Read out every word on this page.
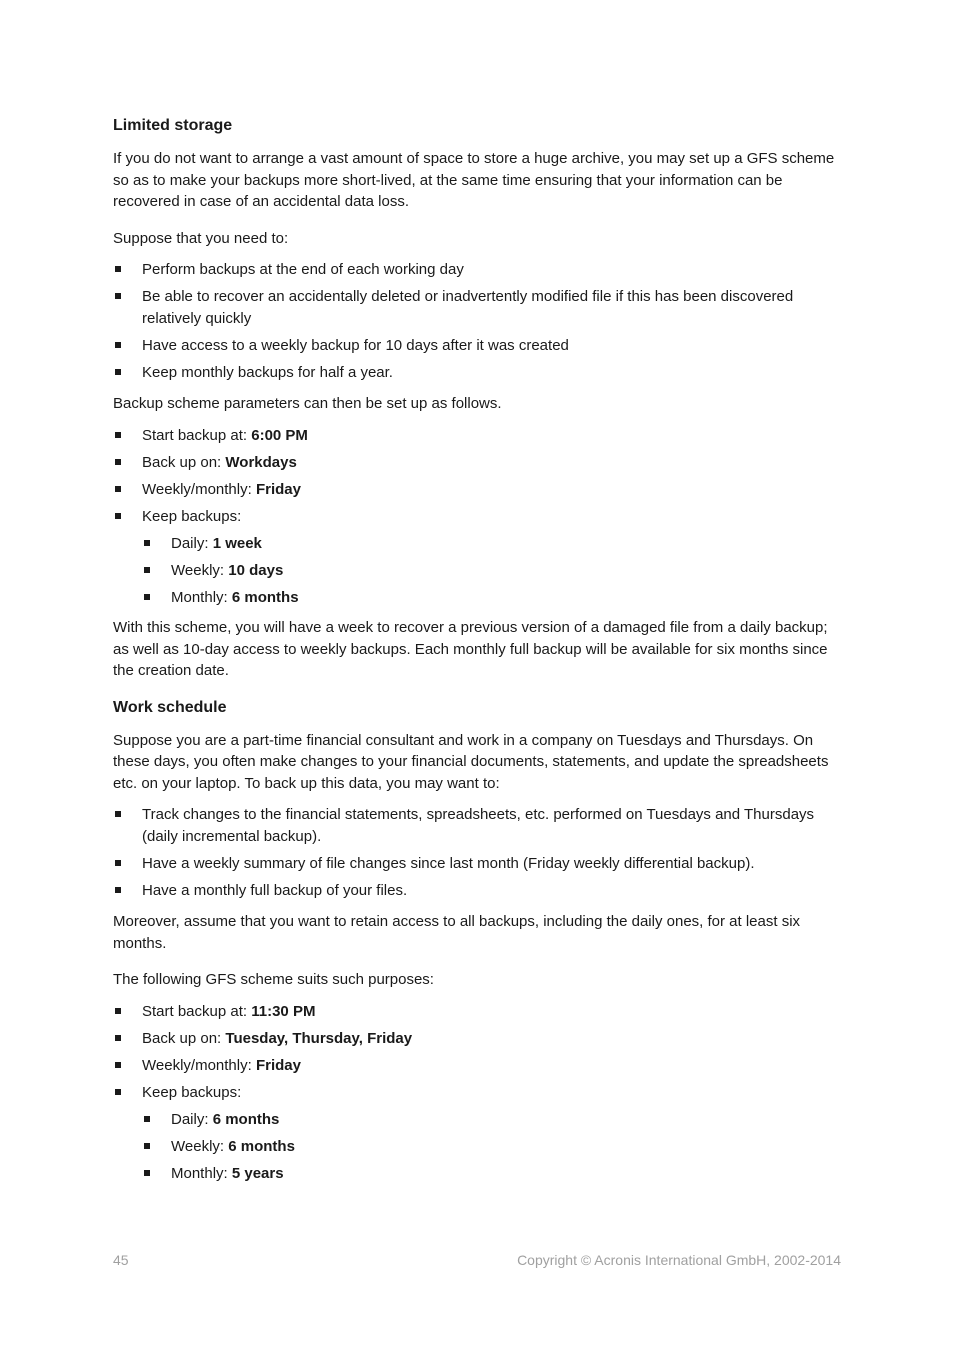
Limited storage

If you do not want to arrange a vast amount of space to store a huge archive, you may set up a GFS scheme so as to make your backups more short-lived, at the same time ensuring that your information can be recovered in case of an accidental data loss.

Suppose that you need to:

Perform backups at the end of each working day
Be able to recover an accidentally deleted or inadvertently modified file if this has been discovered relatively quickly
Have access to a weekly backup for 10 days after it was created
Keep monthly backups for half a year.

Backup scheme parameters can then be set up as follows.

Start backup at: 6:00 PM
Back up on: Workdays
Weekly/monthly: Friday
Keep backups:
Daily: 1 week
Weekly: 10 days
Monthly: 6 months

With this scheme, you will have a week to recover a previous version of a damaged file from a daily backup; as well as 10-day access to weekly backups. Each monthly full backup will be available for six months since the creation date.

Work schedule

Suppose you are a part-time financial consultant and work in a company on Tuesdays and Thursdays. On these days, you often make changes to your financial documents, statements, and update the spreadsheets etc. on your laptop. To back up this data, you may want to:

Track changes to the financial statements, spreadsheets, etc. performed on Tuesdays and Thursdays (daily incremental backup).
Have a weekly summary of file changes since last month (Friday weekly differential backup).
Have a monthly full backup of your files.

Moreover, assume that you want to retain access to all backups, including the daily ones, for at least six months.

The following GFS scheme suits such purposes:

Start backup at: 11:30 PM
Back up on: Tuesday, Thursday, Friday
Weekly/monthly: Friday
Keep backups:
Daily: 6 months
Weekly: 6 months
Monthly: 5 years
45	Copyright © Acronis International GmbH, 2002-2014
